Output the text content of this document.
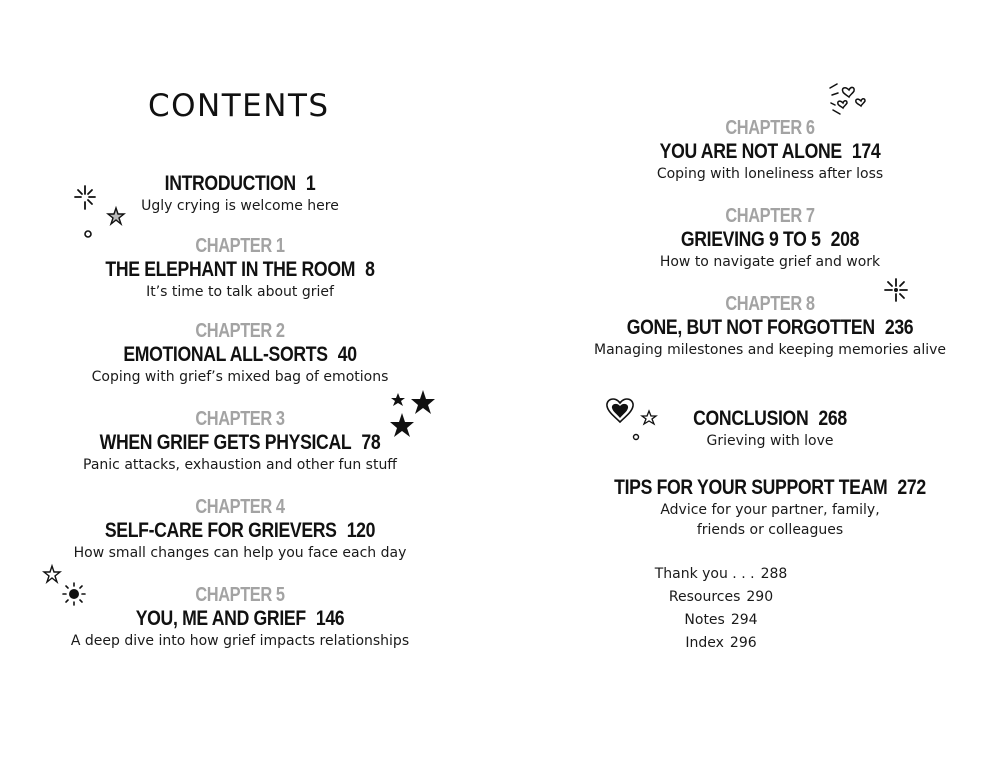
CONTENTS
INTRODUCTION 1
Ugly crying is welcome here
CHAPTER 1
THE ELEPHANT IN THE ROOM 8
It’s time to talk about grief
CHAPTER 2
EMOTIONAL ALL-SORTS 40
Coping with grief’s mixed bag of emotions
CHAPTER 3
WHEN GRIEF GETS PHYSICAL 78
Panic attacks, exhaustion and other fun stuff
CHAPTER 4
SELF-CARE FOR GRIEVERS 120
How small changes can help you face each day
CHAPTER 5
YOU, ME AND GRIEF 146
A deep dive into how grief impacts relationships
CHAPTER 6
YOU ARE NOT ALONE 174
Coping with loneliness after loss
CHAPTER 7
GRIEVING 9 TO 5 208
How to navigate grief and work
CHAPTER 8
GONE, BUT NOT FORGOTTEN 236
Managing milestones and keeping memories alive
CONCLUSION 268
Grieving with love
TIPS FOR YOUR SUPPORT TEAM 272
Advice for your partner, family,
friends or colleagues
Thank you . . . 288
Resources 290
Notes 294
Index 296
